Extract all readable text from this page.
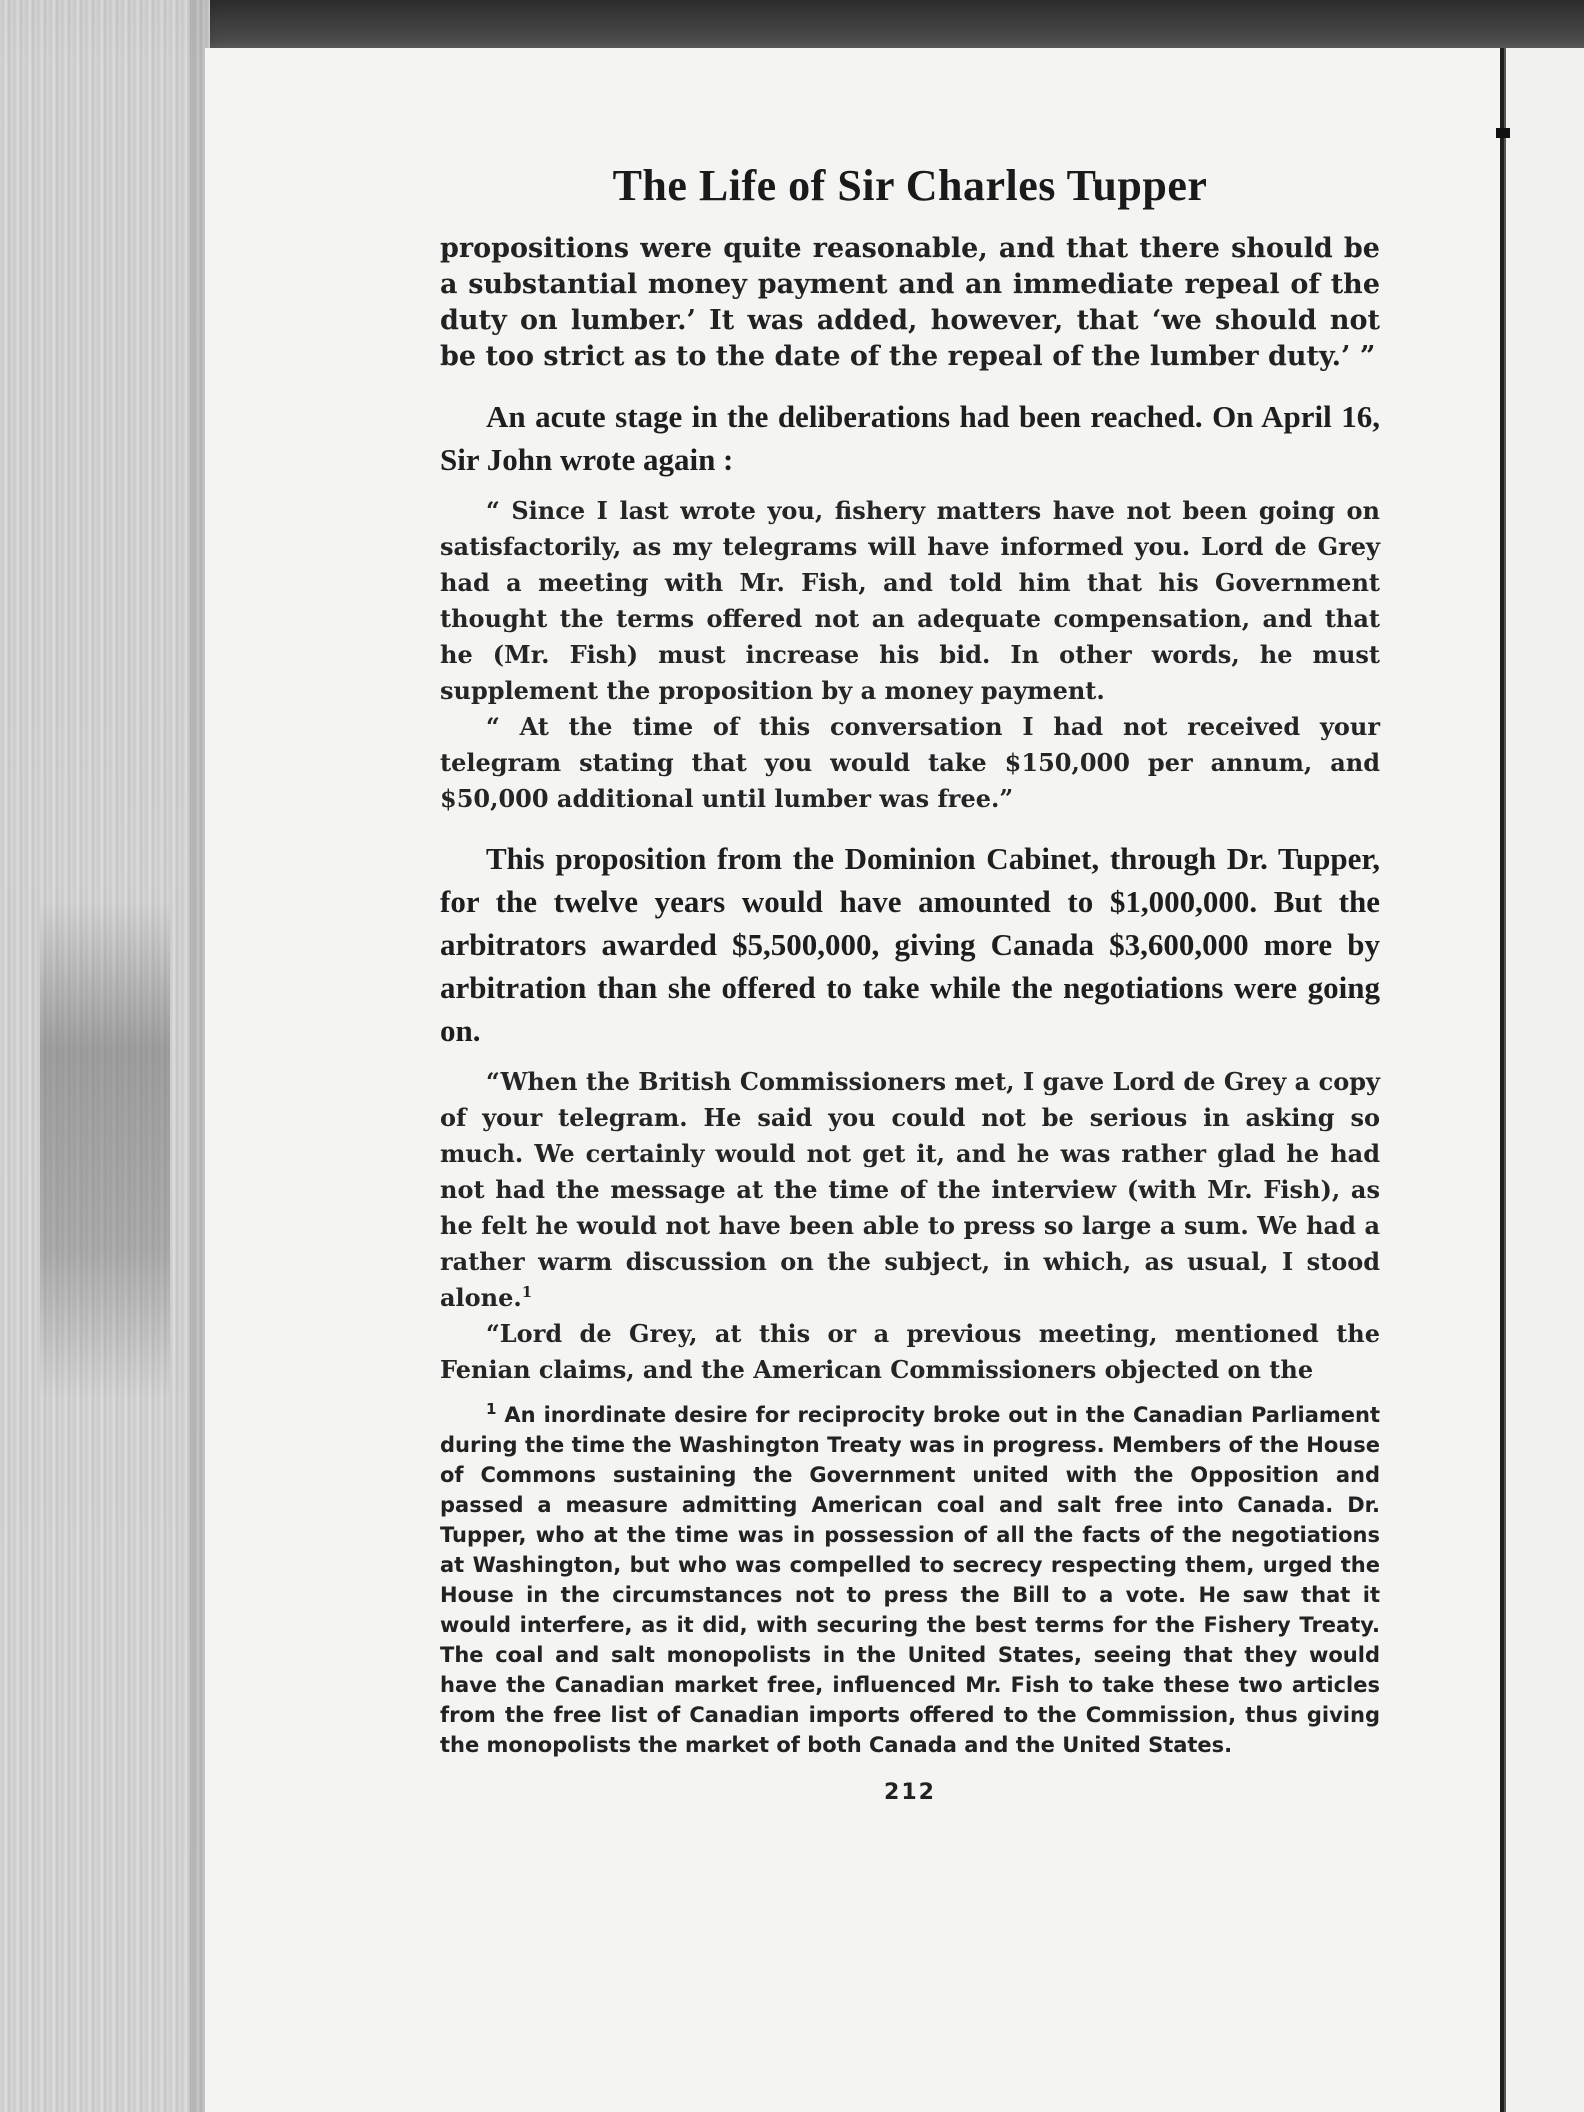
The Life of Sir Charles Tupper

propositions were quite reasonable, and that there should be a substantial money payment and an immediate repeal of the duty on lumber.’ It was added, however, that ‘we should not be too strict as to the date of the repeal of the lumber duty.’ ”

An acute stage in the deliberations had been reached. On April 16, Sir John wrote again :

“ Since I last wrote you, fishery matters have not been going on satisfactorily, as my telegrams will have informed you. Lord de Grey had a meeting with Mr. Fish, and told him that his Government thought the terms offered not an adequate compensation, and that he (Mr. Fish) must increase his bid. In other words, he must supplement the proposition by a money payment.

“ At the time of this conversation I had not received your telegram stating that you would take $150,000 per annum, and $50,000 additional until lumber was free.”

This proposition from the Dominion Cabinet, through Dr. Tupper, for the twelve years would have amounted to $1,000,000. But the arbitrators awarded $5,500,000, giving Canada $3,600,000 more by arbitration than she offered to take while the negotiations were going on.

“When the British Commissioners met, I gave Lord de Grey a copy of your telegram. He said you could not be serious in asking so much. We certainly would not get it, and he was rather glad he had not had the message at the time of the interview (with Mr. Fish), as he felt he would not have been able to press so large a sum. We had a rather warm discussion on the subject, in which, as usual, I stood alone.$^1$

“Lord de Grey, at this or a previous meeting, mentioned the Fenian claims, and the American Commissioners objected on the

$^1$ An inordinate desire for reciprocity broke out in the Canadian Parliament during the time the Washington Treaty was in progress. Members of the House of Commons sustaining the Government united with the Opposition and passed a measure admitting American coal and salt free into Canada. Dr. Tupper, who at the time was in possession of all the facts of the negotiations at Washington, but who was compelled to secrecy respecting them, urged the House in the circumstances not to press the Bill to a vote. He saw that it would interfere, as it did, with securing the best terms for the Fishery Treaty. The coal and salt monopolists in the United States, seeing that they would have the Canadian market free, influenced Mr. Fish to take these two articles from the free list of Canadian imports offered to the Commission, thus giving the monopolists the market of both Canada and the United States.

212
